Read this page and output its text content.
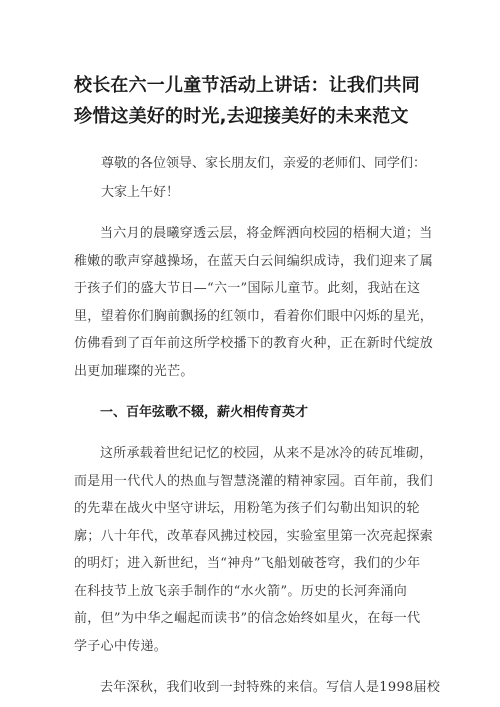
校长在六一儿童节活动上讲话：让我们共同
珍惜这美好的时光,去迎接美好的未来范文

尊敬的各位领导、家长朋友们，亲爱的老师们、同学们：

大家上午好！

当六月的晨曦穿透云层，将金辉洒向校园的梧桐大道；当
稚嫩的歌声穿越操场，在蓝天白云间编织成诗，我们迎来了属
于孩子们的盛大节日—“六一”国际儿童节。此刻，我站在这
里，望着你们胸前飘扬的红领巾，看着你们眼中闪烁的星光，
仿佛看到了百年前这所学校播下的教育火种，正在新时代绽放
出更加璀璨的光芒。

一、百年弦歌不辍，薪火相传育英才

这所承载着世纪记忆的校园，从来不是冰冷的砖瓦堆砌，
而是用一代代人的热血与智慧浇灌的精神家园。百年前，我们
的先辈在战火中坚守讲坛，用粉笔为孩子们勾勒出知识的轮
廓；八十年代，改革春风拂过校园，实验室里第一次亮起探索
的明灯；进入新世纪，当“神舟”飞船划破苍穹，我们的少年
在科技节上放飞亲手制作的“水火箭”。历史的长河奔涌向
前，但”为中华之崛起而读书”的信念始终如星火，在每一代
学子心中传递。

去年深秋，我们收到一封特殊的来信。写信人是1998届校
